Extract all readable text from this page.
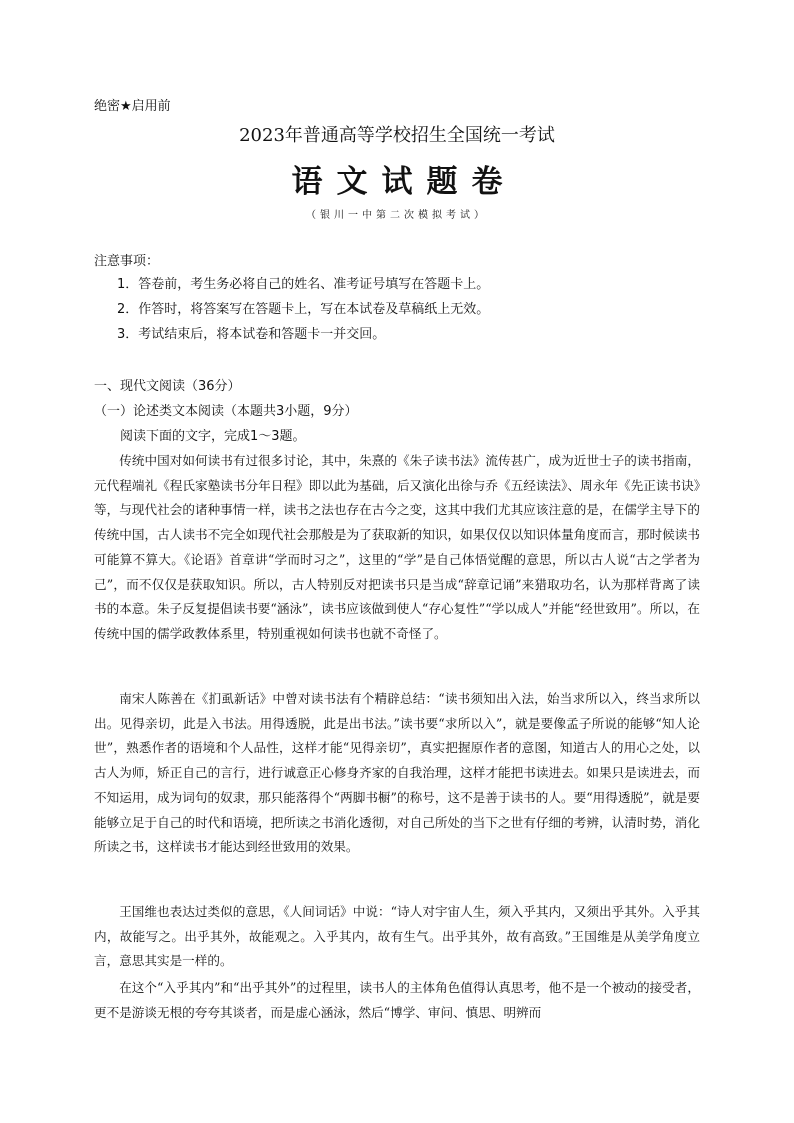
绝密★启用前
2023年普通高等学校招生全国统一考试
语文试题卷
（银川一中第二次模拟考试）
注意事项：
1．答卷前，考生务必将自己的姓名、准考证号填写在答题卡上。
2．作答时，将答案写在答题卡上，写在本试卷及草稿纸上无效。
3．考试结束后，将本试卷和答题卡一并交回。
一、现代文阅读（36分）
（一）论述类文本阅读（本题共3小题，9分）
阅读下面的文字，完成1～3题。

传统中国对如何读书有过很多讨论，其中，朱熹的《朱子读书法》流传甚广，成为近世士子的读书指南，元代程端礼《程氏家塾读书分年日程》即以此为基础，后又演化出徐与乔《五经读法》、周永年《先正读书诀》等，与现代社会的诸种事情一样，读书之法也存在古今之变，这其中我们尤其应该注意的是，在儒学主导下的传统中国，古人读书不完全如现代社会那般是为了获取新的知识，如果仅仅以知识体量角度而言，那时候读书可能算不算大。《论语》首章讲“学而时习之”，这里的“学”是自己体悟觉醒的意思，所以古人说“古之学者为己”，而不仅仅是获取知识。所以，古人特别反对把读书只是当成“辞章记诵”来猎取功名，认为那样背离了读书的本意。朱子反复提倡读书要“涵泳”，读书应该做到使人“存心复性”“学以成人”并能“经世致用”。所以，在传统中国的儒学政教体系里，特别重视如何读书也就不奇怪了。

南宋人陈善在《扪虱新话》中曾对读书法有个精辟总结：“读书须知出入法，始当求所以入，终当求所以出。见得亲切，此是入书法。用得透脱，此是出书法。”读书要“求所以入”，就是要像孟子所说的能够“知人论世”，熟悉作者的语境和个人品性，这样才能“见得亲切”，真实把握原作者的意图，知道古人的用心之处，以古人为师，矫正自己的言行，进行诚意正心修身齐家的自我治理，这样才能把书读进去。如果只是读进去，而不知运用，成为词句的奴隶，那只能落得个“两脚书橱”的称号，这不是善于读书的人。要“用得透脱”，就是要能够立足于自己的时代和语境，把所读之书消化透彻，对自己所处的当下之世有仔细的考辨，认清时势，消化所读之书，这样读书才能达到经世致用的效果。

王国维也表达过类似的意思，《人间词话》中说：“诗人对宇宙人生，须入乎其内，又须出乎其外。入乎其内，故能写之。出乎其外，故能观之。入乎其内，故有生气。出乎其外，故有高致。”王国维是从美学角度立言，意思其实是一样的。

在这个“入乎其内”和“出乎其外”的过程里，读书人的主体角色值得认真思考，他不是一个被动的接受者，更不是游谈无根的夸夸其谈者，而是虚心涵泳，然后“博学、审问、慎思、明辨而
